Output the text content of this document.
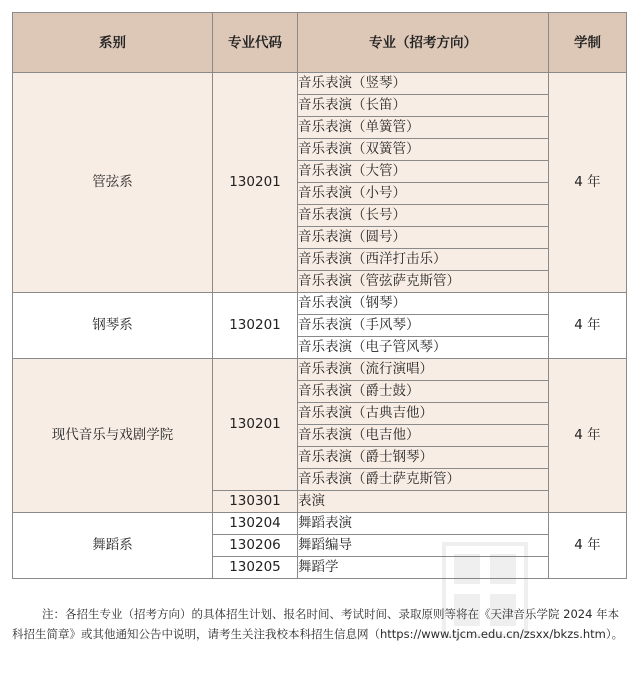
系别	专业代码	专业（招考方向）	学制
管弦系	130201	音乐表演（竖琴）	4 年
		音乐表演（长笛）	
		音乐表演（单簧管）	
		音乐表演（双簧管）	
		音乐表演（大管）	
		音乐表演（小号）	
		音乐表演（长号）	
		音乐表演（圆号）	
		音乐表演（西洋打击乐）	
		音乐表演（管弦萨克斯管）	
钢琴系	130201	音乐表演（钢琴）	4 年
		音乐表演（手风琴）	
		音乐表演（电子管风琴）	
现代音乐与戏剧学院	130201	音乐表演（流行演唱）	4 年
		音乐表演（爵士鼓）	
		音乐表演（古典吉他）	
		音乐表演（电吉他）	
		音乐表演（爵士钢琴）	
		音乐表演（爵士萨克斯管）	
	130301	表演	
舞蹈系	130204	舞蹈表演	4 年
	130206	舞蹈编导	
	130205	舞蹈学	
注：各招生专业（招考方向）的具体招生计划、报名时间、考试时间、录取原则等将在《天津音乐学院 2024 年本科招生简章》或其他通知公告中说明，请考生关注我校本科招生信息网（https://www.tjcm.edu.cn/zsxx/bkzs.htm）。
